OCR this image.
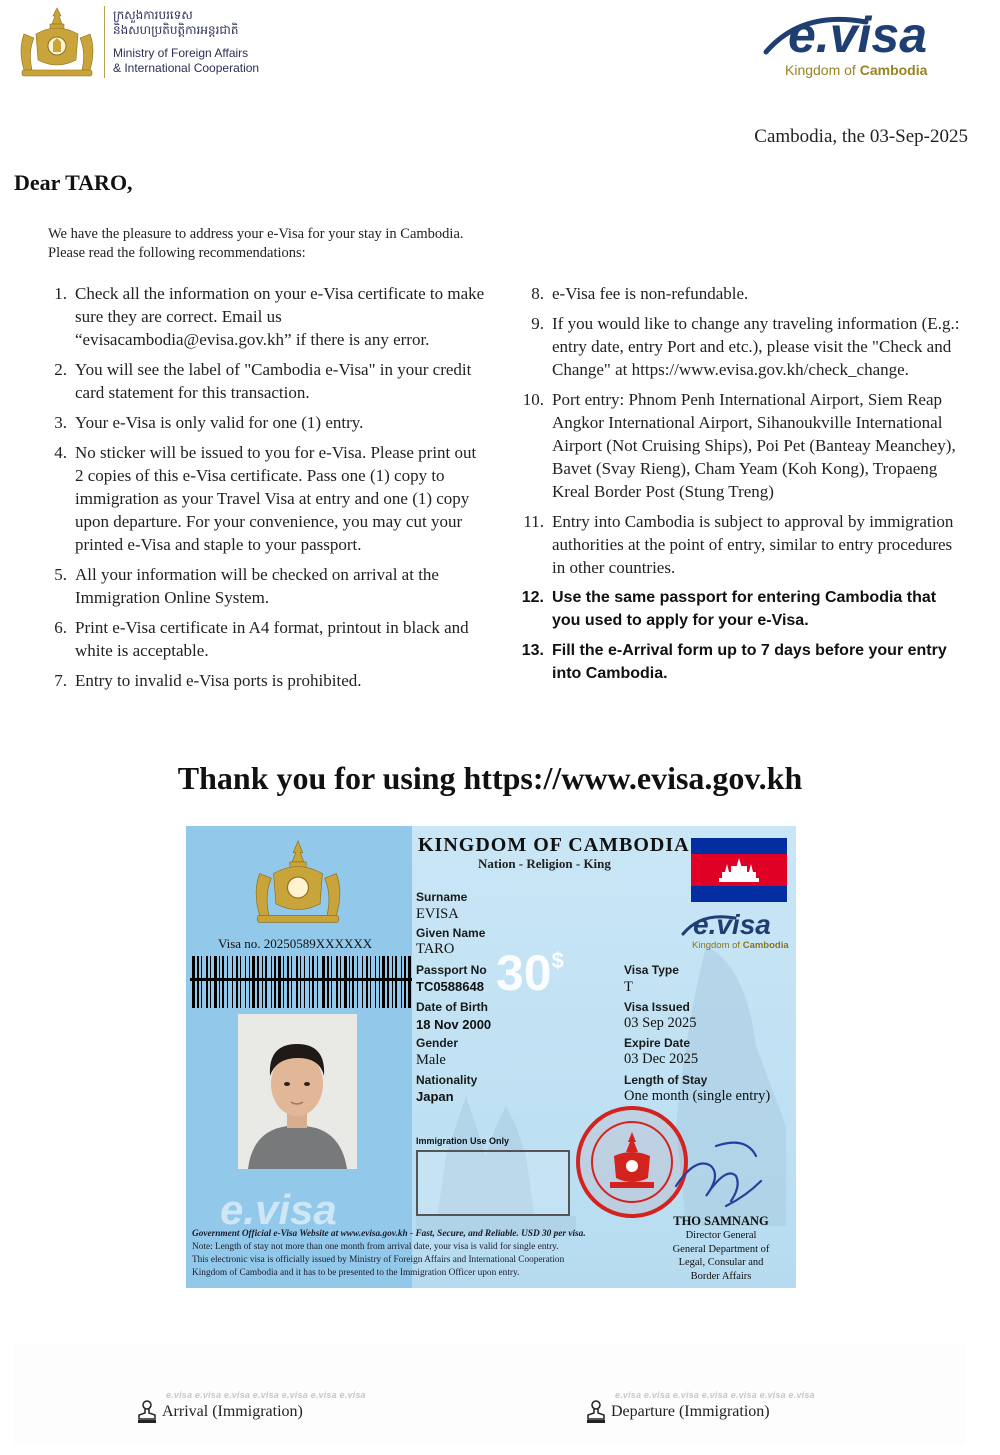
ក្រសួងការបរទេស
និងសហប្រតិបត្តិការអន្តរជាតិ
Ministry of Foreign Affairs
& International Cooperation
e.visa
Kingdom of Cambodia
Cambodia, the 03-Sep-2025
Dear TARO,
We have the pleasure to address your e-Visa for your stay in Cambodia.
Please read the following recommendations:
1. Check all the information on your e-Visa certificate to make sure they are correct. Email us “evisacambodia@evisa.gov.kh” if there is any error.
2. You will see the label of "Cambodia e-Visa" in your credit card statement for this transaction.
3. Your e-Visa is only valid for one (1) entry.
4. No sticker will be issued to you for e-Visa. Please print out 2 copies of this e-Visa certificate. Pass one (1) copy to immigration as your Travel Visa at entry and one (1) copy upon departure. For your convenience, you may cut your printed e-Visa and staple to your passport.
5. All your information will be checked on arrival at the Immigration Online System.
6. Print e-Visa certificate in A4 format, printout in black and white is acceptable.
7. Entry to invalid e-Visa ports is prohibited.
8. e-Visa fee is non-refundable.
9. If you would like to change any traveling information (E.g.: entry date, entry Port and etc.), please visit the "Check and Change" at https://www.evisa.gov.kh/check_change.
10. Port entry: Phnom Penh International Airport, Siem Reap Angkor International Airport, Sihanoukville International Airport (Not Cruising Ships), Poi Pet (Banteay Meanchey), Bavet (Svay Rieng), Cham Yeam (Koh Kong), Tropaeng Kreal Border Post (Stung Treng)
11. Entry into Cambodia is subject to approval by immigration authorities at the point of entry, similar to entry procedures in other countries.
12. Use the same passport for entering Cambodia that you used to apply for your e-Visa.
13. Fill the e-Arrival form up to 7 days before your entry into Cambodia.
Thank you for using https://www.evisa.gov.kh
KINGDOM OF CAMBODIA
Nation - Religion - King
e.visa
Kingdom of Cambodia
Visa no. 20250589XXXXXX
e.visa
30$
Surname
EVISA
Given Name
TARO
Passport No
TC0588648
Date of Birth
18 Nov 2000
Gender
Male
Nationality
Japan
Visa Type
T
Visa Issued
03 Sep 2025
Expire Date
03 Dec 2025
Length of Stay
One month (single entry)
Immigration Use Only
THO SAMNANG
Director General
General Department of
Legal, Consular and
Border Affairs
Government Official e-Visa Website at www.evisa.gov.kh - Fast, Secure, and Reliable. USD 30 per visa.
Note: Length of stay not more than one month from arrival date, your visa is valid for single entry.
This electronic visa is officially issued by Ministry of Foreign Affairs and International Cooperation
Kingdom of Cambodia and it has to be presented to the Immigration Officer upon entry.
e.visa e.visa e.visa e.visa e.visa e.visa e.visa
Arrival (Immigration)
e.visa e.visa e.visa e.visa e.visa e.visa e.visa
Departure (Immigration)
